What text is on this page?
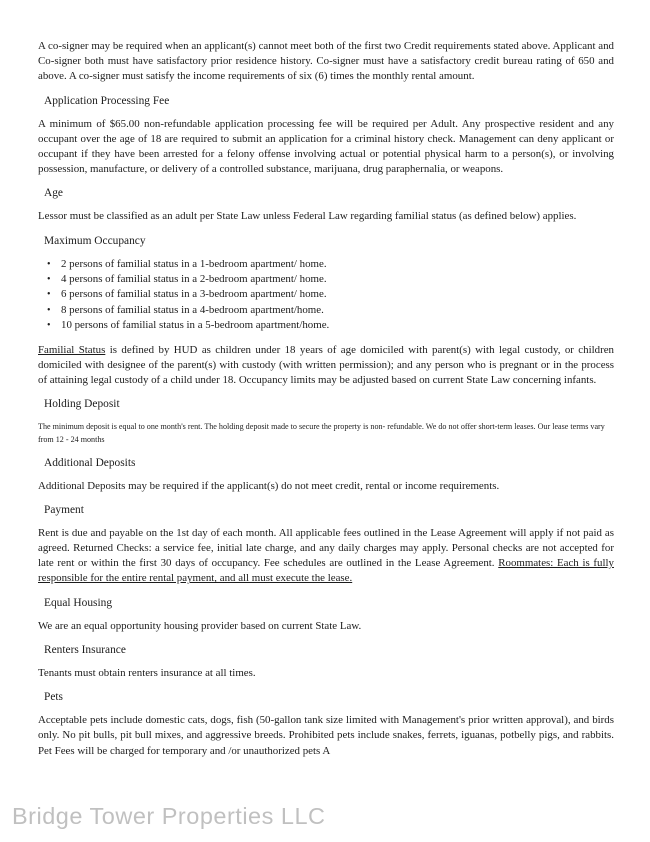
A co-signer may be required when an applicant(s) cannot meet both of the first two Credit requirements stated above. Applicant and Co-signer both must have satisfactory prior residence history. Co-signer must have a satisfactory credit bureau rating of 650 and above. A co-signer must satisfy the income requirements of six (6) times the monthly rental amount.

Application Processing Fee

A minimum of $65.00 non-refundable application processing fee will be required per Adult. Any prospective resident and any occupant over the age of 18 are required to submit an application for a criminal history check. Management can deny applicant or occupant if they have been arrested for a felony offense involving actual or potential physical harm to a person(s), or involving possession, manufacture, or delivery of a controlled substance, marijuana, drug paraphernalia, or weapons.

Age

Lessor must be classified as an adult per State Law unless Federal Law regarding familial status (as defined below) applies.

Maximum Occupancy
• 2 persons of familial status in a 1-bedroom apartment/ home.
• 4 persons of familial status in a 2-bedroom apartment/ home.
• 6 persons of familial status in a 3-bedroom apartment/ home.
• 8 persons of familial status in a 4-bedroom apartment/home.
• 10 persons of familial status in a 5-bedroom apartment/home.

Familial Status is defined by HUD as children under 18 years of age domiciled with parent(s) with legal custody, or children domiciled with designee of the parent(s) with custody (with written permission); and any person who is pregnant or in the process of attaining legal custody of a child under 18. Occupancy limits may be adjusted based on current State Law concerning infants.

Holding Deposit

The minimum deposit is equal to one month's rent. The holding deposit made to secure the property is non- refundable. We do not offer short-term leases. Our lease terms vary from 12 - 24 months

Additional Deposits

Additional Deposits may be required if the applicant(s) do not meet credit, rental or income requirements.

Payment

Rent is due and payable on the 1st day of each month. All applicable fees outlined in the Lease Agreement will apply if not paid as agreed. Returned Checks: a service fee, initial late charge, and any daily charges may apply. Personal checks are not accepted for late rent or within the first 30 days of occupancy. Fee schedules are outlined in the Lease Agreement. Roommates: Each is fully responsible for the entire rental payment, and all must execute the lease.

Equal Housing

We are an equal opportunity housing provider based on current State Law.

Renters Insurance

Tenants must obtain renters insurance at all times.

Pets

Acceptable pets include domestic cats, dogs, fish (50-gallon tank size limited with Management's prior written approval), and birds only. No pit bulls, pit bull mixes, and aggressive breeds. Prohibited pets include snakes, ferrets, iguanas, potbelly pigs, and rabbits. Pet Fees will be charged for temporary and /or unauthorized pets A

Bridge Tower Properties LLC
